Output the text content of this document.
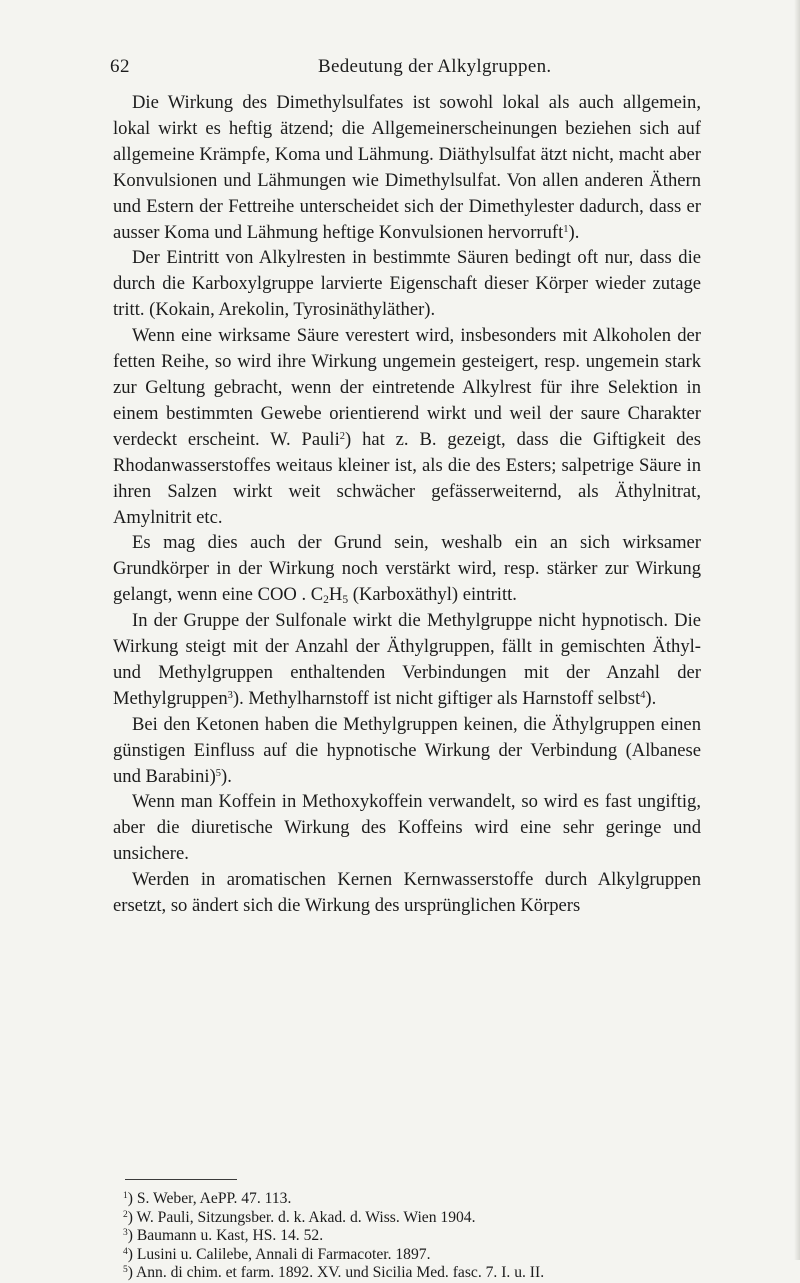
62	Bedeutung der Alkylgruppen.

Die Wirkung des Dimethylsulfates ist sowohl lokal als auch allgemein, lokal wirkt es heftig ätzend; die Allgemeinerscheinungen beziehen sich auf allgemeine Krämpfe, Koma und Lähmung. Diäthylsulfat ätzt nicht, macht aber Konvulsionen und Lähmungen wie Dimethylsulfat. Von allen anderen Äthern und Estern der Fettreihe unterscheidet sich der Dimethylester dadurch, dass er ausser Koma und Lähmung heftige Konvulsionen hervorruft$^1$).

Der Eintritt von Alkylresten in bestimmte Säuren bedingt oft nur, dass die durch die Karboxylgruppe larvierte Eigenschaft dieser Körper wieder zutage tritt. (Kokain, Arekolin, Tyrosinäthyläther).

Wenn eine wirksame Säure verestert wird, insbesonders mit Alkoholen der fetten Reihe, so wird ihre Wirkung ungemein gesteigert, resp. ungemein stark zur Geltung gebracht, wenn der eintretende Alkylrest für ihre Selektion in einem bestimmten Gewebe orientierend wirkt und weil der saure Charakter verdeckt erscheint. W. Pauli$^2$) hat z. B. gezeigt, dass die Giftigkeit des Rhodanwasserstoffes weitaus kleiner ist, als die des Esters; salpetrige Säure in ihren Salzen wirkt weit schwächer gefässerweiternd, als Äthylnitrat, Amylnitrit etc.

Es mag dies auch der Grund sein, weshalb ein an sich wirksamer Grundkörper in der Wirkung noch verstärkt wird, resp. stärker zur Wirkung gelangt, wenn eine COO . $C_2H_5$ (Karboxäthyl) eintritt.

In der Gruppe der Sulfonale wirkt die Methylgruppe nicht hypnotisch. Die Wirkung steigt mit der Anzahl der Äthylgruppen, fällt in gemischten Äthyl- und Methylgruppen enthaltenden Verbindungen mit der Anzahl der Methylgruppen$^3$). Methylharnstoff ist nicht giftiger als Harnstoff selbst$^4$).

Bei den Ketonen haben die Methylgruppen keinen, die Äthylgruppen einen günstigen Einfluss auf die hypnotische Wirkung der Verbindung (Albanese und Barabini)$^5$).

Wenn man Koffein in Methoxykoffein verwandelt, so wird es fast ungiftig, aber die diuretische Wirkung des Koffeins wird eine sehr geringe und unsichere.

Werden in aromatischen Kernen Kernwasserstoffe durch Alkylgruppen ersetzt, so ändert sich die Wirkung des ursprünglichen Körpers

$^1$) S. Weber, AePP. 47. 113.
$^2$) W. Pauli, Sitzungsber. d. k. Akad. d. Wiss. Wien 1904.
$^3$) Baumann u. Kast, HS. 14. 52.
$^4$) Lusini u. Calilebe, Annali di Farmacoter. 1897.
$^5$) Ann. di chim. et farm. 1892. XV. und Sicilia Med. fasc. 7. I. u. II.
